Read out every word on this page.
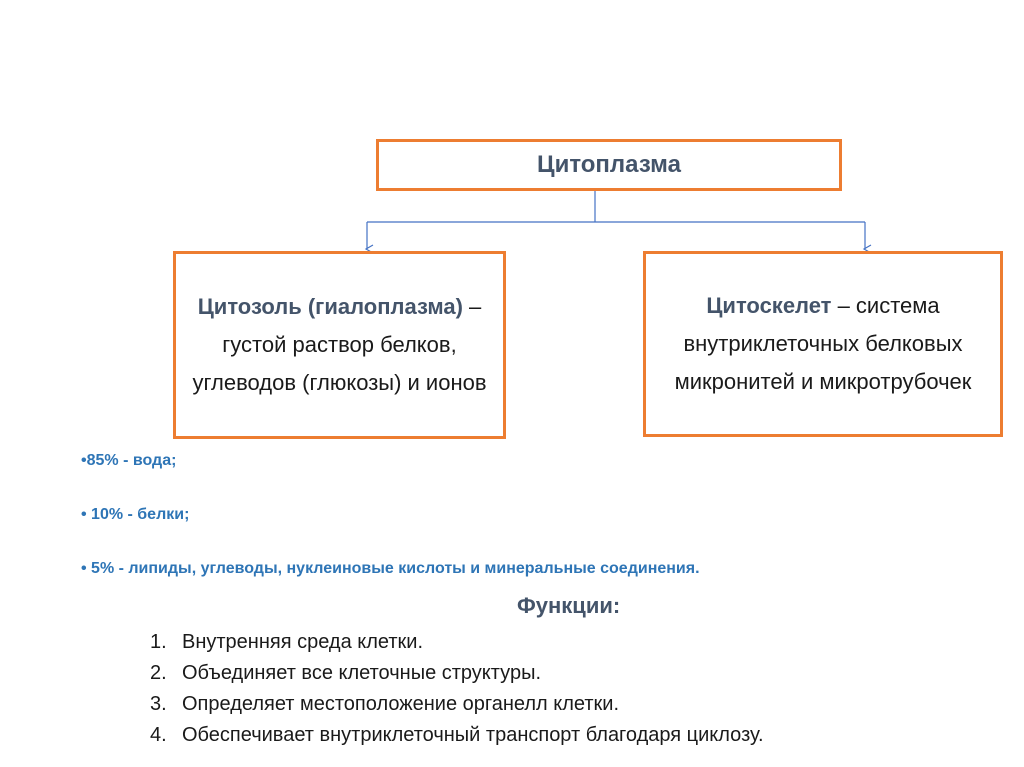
Цитоплазма
Цитозоль (гиалоплазма) – густой раствор белков, углеводов (глюкозы) и ионов
Цитоскелет – система внутриклеточных белковых микронитей и микротрубочек
•85% - вода;
• 10% - белки;
• 5% - липиды, углеводы, нуклеиновые кислоты и минеральные соединения.
Функции:
1. Внутренняя среда клетки.
2. Объединяет все клеточные структуры.
3. Определяет местоположение органелл клетки.
4. Обеспечивает внутриклеточный транспорт благодаря циклозу.
